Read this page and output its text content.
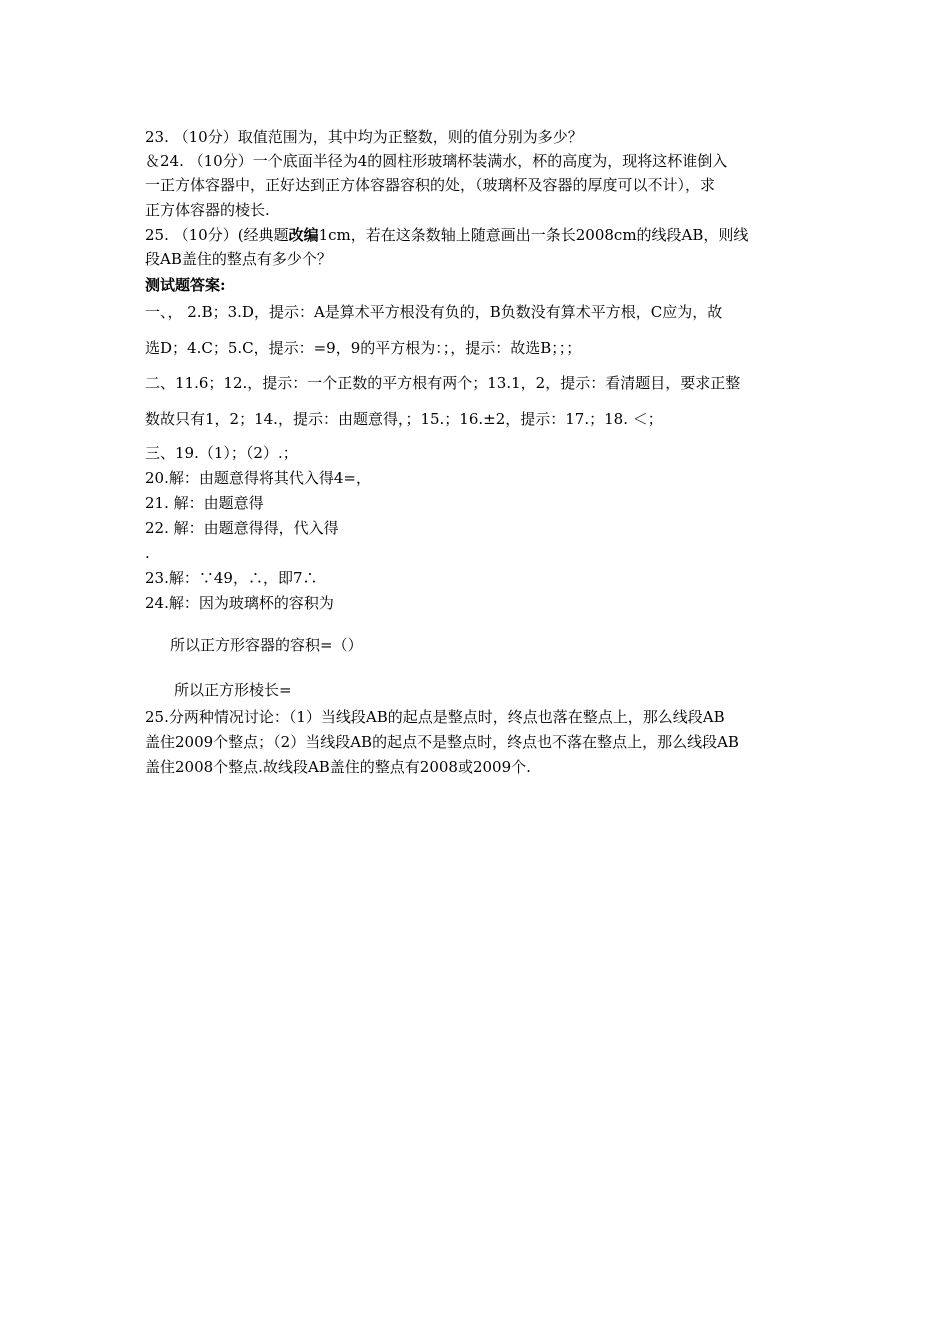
23. （10分）取值范围为，其中均为正整数，则的值分别为多少？
＆24. （10分）一个底面半径为4的圆柱形玻璃杯装满水，杯的高度为，现将这杯谁倒入
一正方体容器中，正好达到正方体容器容积的处，（玻璃杯及容器的厚度可以不计），求
正方体容器的棱长.
25. （10分）(经典题改编1cm，若在这条数轴上随意画出一条长2008cm的线段AB，则线
段AB盖住的整点有多少个？
测试题答案:
一、， 2.B；3.D，提示：A是算术平方根没有负的，B负数没有算术平方根，C应为，故
选D；4.C；5.C，提示：=9，9的平方根为：；，提示：故选B；；；
二、11.6；12.，提示：一个正数的平方根有两个；13.1，2，提示：看清题目，要求正整
数故只有1，2；14.，提示：由题意得，；15.；16.±2，提示：17.；18. ＜；
三、19.（1）；（2）.；
20.解：由题意得将其代入得4=，
21. 解：由题意得
22. 解：由题意得得，代入得
.
23.解：∵49，∴，即7∴
24.解：因为玻璃杯的容积为
所以正方形容器的容积=（）
所以正方形棱长=
25.分两种情况讨论：（1）当线段AB的起点是整点时，终点也落在整点上，那么线段AB
盖住2009个整点；（2）当线段AB的起点不是整点时，终点也不落在整点上，那么线段AB
盖住2008个整点.故线段AB盖住的整点有2008或2009个.
